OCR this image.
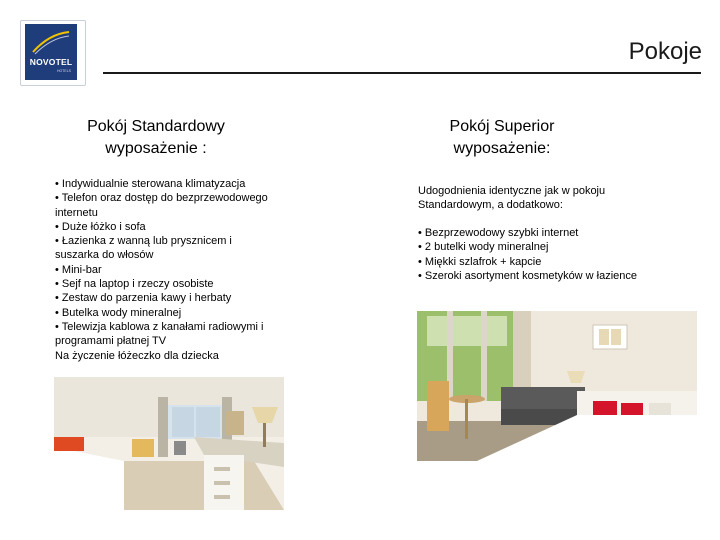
NOVOTEL
HOTELS
Pokoje
Pokój Standardowy
wyposażenie :
• Indywidualnie sterowana klimatyzacja
• Telefon oraz dostęp do bezprzewodowego
internetu
• Duże łóżko i sofa
• Łazienka z wanną lub prysznicem i
suszarka do włosów
• Mini-bar
• Sejf na laptop i rzeczy osobiste
• Zestaw do parzenia kawy i herbaty
• Butelka wody mineralnej
• Telewizja kablowa z kanałami radiowymi i
programami płatnej TV
Na życzenie łóżeczko dla dziecka
Pokój Superior
wyposażenie:
Udogodnienia identyczne jak w pokoju
Standardowym, a dodatkowo:
• Bezprzewodowy szybki internet
• 2 butelki wody mineralnej
• Miękki szlafrok + kapcie
• Szeroki asortyment kosmetyków w łazience
Jan 14, 2010
